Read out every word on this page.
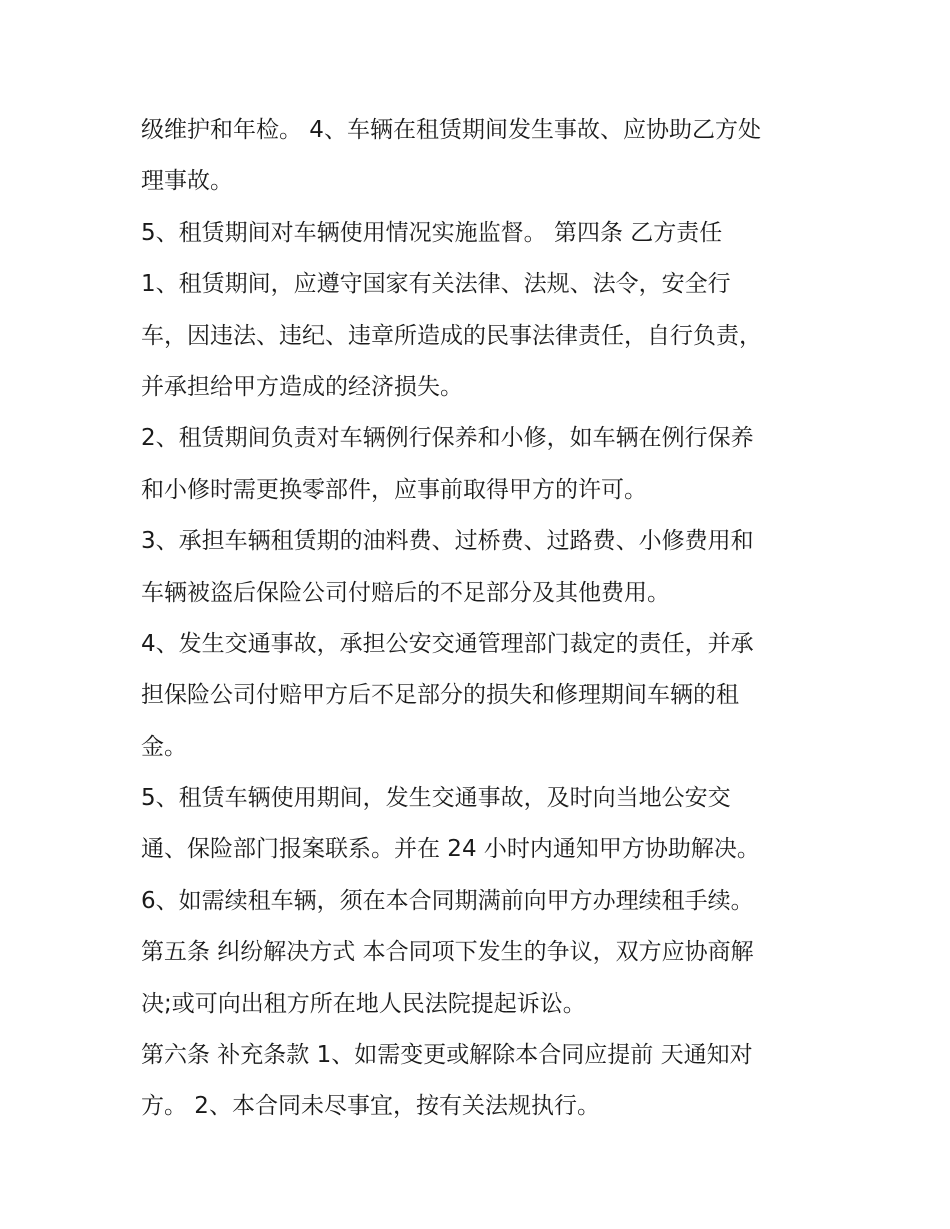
级维护和年检。 4、车辆在租赁期间发生事故、应协助乙方处
理事故。
5、租赁期间对车辆使用情况实施监督。 第四条 乙方责任
1、租赁期间，应遵守国家有关法律、法规、法令，安全行
车，因违法、违纪、违章所造成的民事法律责任，自行负责，
并承担给甲方造成的经济损失。
2、租赁期间负责对车辆例行保养和小修，如车辆在例行保养
和小修时需更换零部件，应事前取得甲方的许可。
3、承担车辆租赁期的油料费、过桥费、过路费、小修费用和
车辆被盗后保险公司付赔后的不足部分及其他费用。
4、发生交通事故，承担公安交通管理部门裁定的责任，并承
担保险公司付赔甲方后不足部分的损失和修理期间车辆的租
金。
5、租赁车辆使用期间，发生交通事故，及时向当地公安交
通、保险部门报案联系。并在 24 小时内通知甲方协助解决。
6、如需续租车辆，须在本合同期满前向甲方办理续租手续。
第五条 纠纷解决方式 本合同项下发生的争议，双方应协商解
决;或可向出租方所在地人民法院提起诉讼。
第六条 补充条款 1、如需变更或解除本合同应提前 天通知对
方。 2、本合同未尽事宜，按有关法规执行。
